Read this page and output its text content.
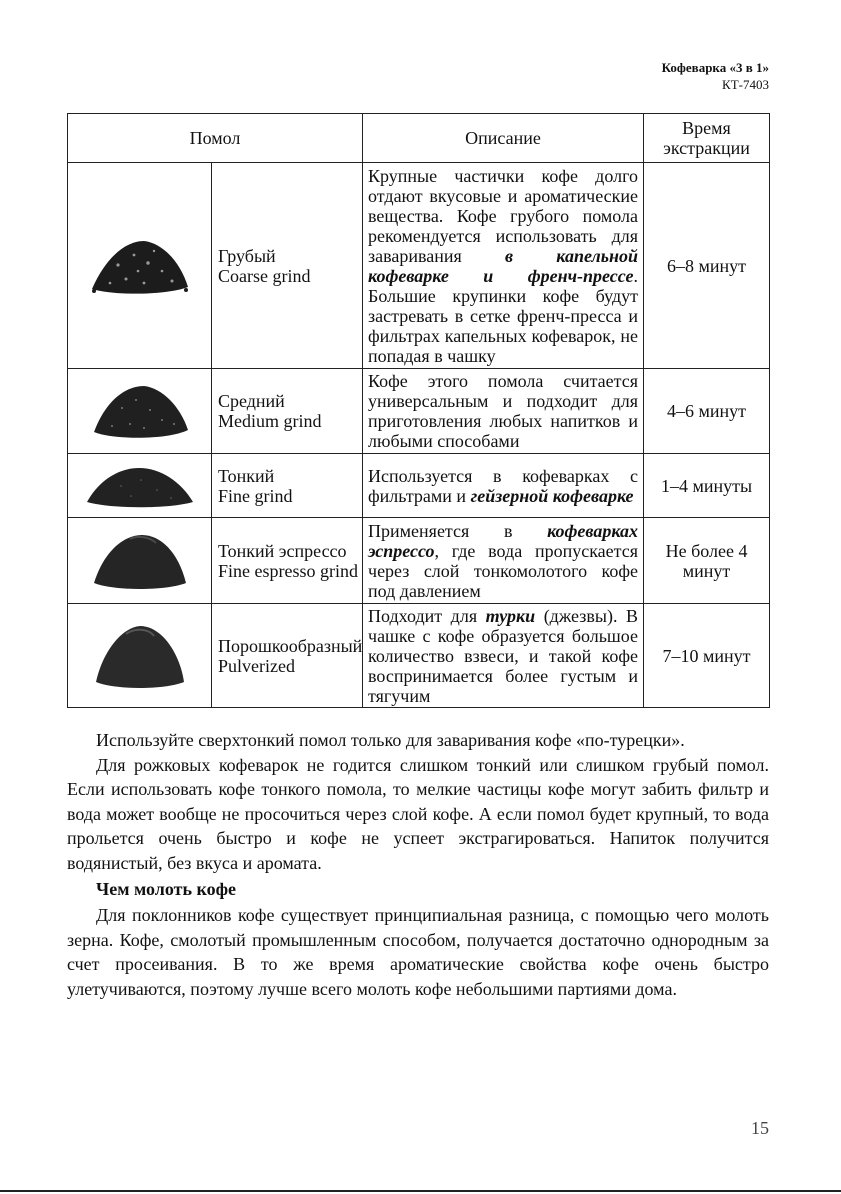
Кофеварка «3 в 1»
КТ-7403
Помол		Описание	Время экстракции

Грубый
Coarse grind	Крупные частички кофе долго отдают вкусовые и ароматические вещества. Кофе грубого помола рекомендуется использовать для заваривания в капельной кофеварке и френч-прессе. Большие крупинки кофе будут застревать в сетке френч-пресса и фильтрах капельных кофеварок, не попадая в чашку	6–8 минут

Средний
Medium grind	Кофе этого помола считается универсальным и подходит для приготовления любых напитков и любыми способами	4–6 минут

Тонкий
Fine grind	Используется в кофеварках с фильтрами и гейзерной кофеварке	1–4 минуты

Тонкий эспрессо
Fine espresso grind	Применяется в кофеварках эспрессо, где вода пропускается через слой тонкомолотого кофе под давлением	Не более 4 минут

Порошкообразный
Pulverized	Подходит для турки (джезвы). В чашке с кофе образуется большое количество взвеси, и такой кофе воспринимается более густым и тягучим	7–10 минут

Используйте сверхтонкий помол только для заваривания кофе «по-турецки».

Для рожковых кофеварок не годится слишком тонкий или слишком грубый помол. Если использовать кофе тонкого помола, то мелкие частицы кофе могут забить фильтр и вода может вообще не просочиться через слой кофе. А если помол будет крупный, то вода прольется очень быстро и кофе не успеет экстрагироваться. Напиток получится водянистый, без вкуса и аромата.

Чем молоть кофе

Для поклонников кофе существует принципиальная разница, с помощью чего молоть зерна. Кофе, смолотый промышленным способом, получается достаточно однородным за счет просеивания. В то же время ароматические свойства кофе очень быстро улетучиваются, поэтому лучше всего молоть кофе небольшими партиями дома.

15
